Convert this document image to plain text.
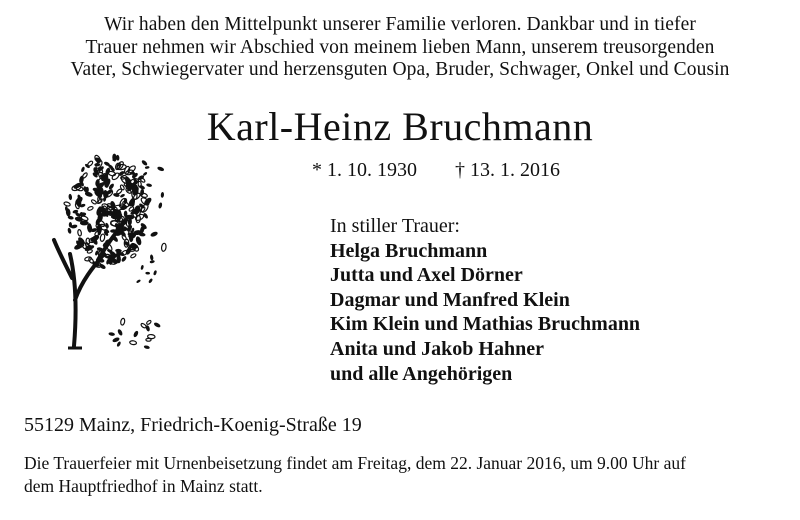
Wir haben den Mittelpunkt unserer Familie verloren. Dankbar und in tiefer
Trauer nehmen wir Abschied von meinem lieben Mann, unserem treusorgenden
Vater, Schwiegervater und herzensguten Opa, Bruder, Schwager, Onkel und Cousin
Karl-Heinz Bruchmann
* 1. 10. 1930 † 13. 1. 2016
In stiller Trauer:
Helga Bruchmann
Jutta und Axel Dörner
Dagmar und Manfred Klein
Kim Klein und Mathias Bruchmann
Anita und Jakob Hahner
und alle Angehörigen
55129 Mainz, Friedrich-Koenig-Straße 19
Die Trauerfeier mit Urnenbeisetzung findet am Freitag, dem 22. Januar 2016, um 9.00 Uhr auf
dem Hauptfriedhof in Mainz statt.
